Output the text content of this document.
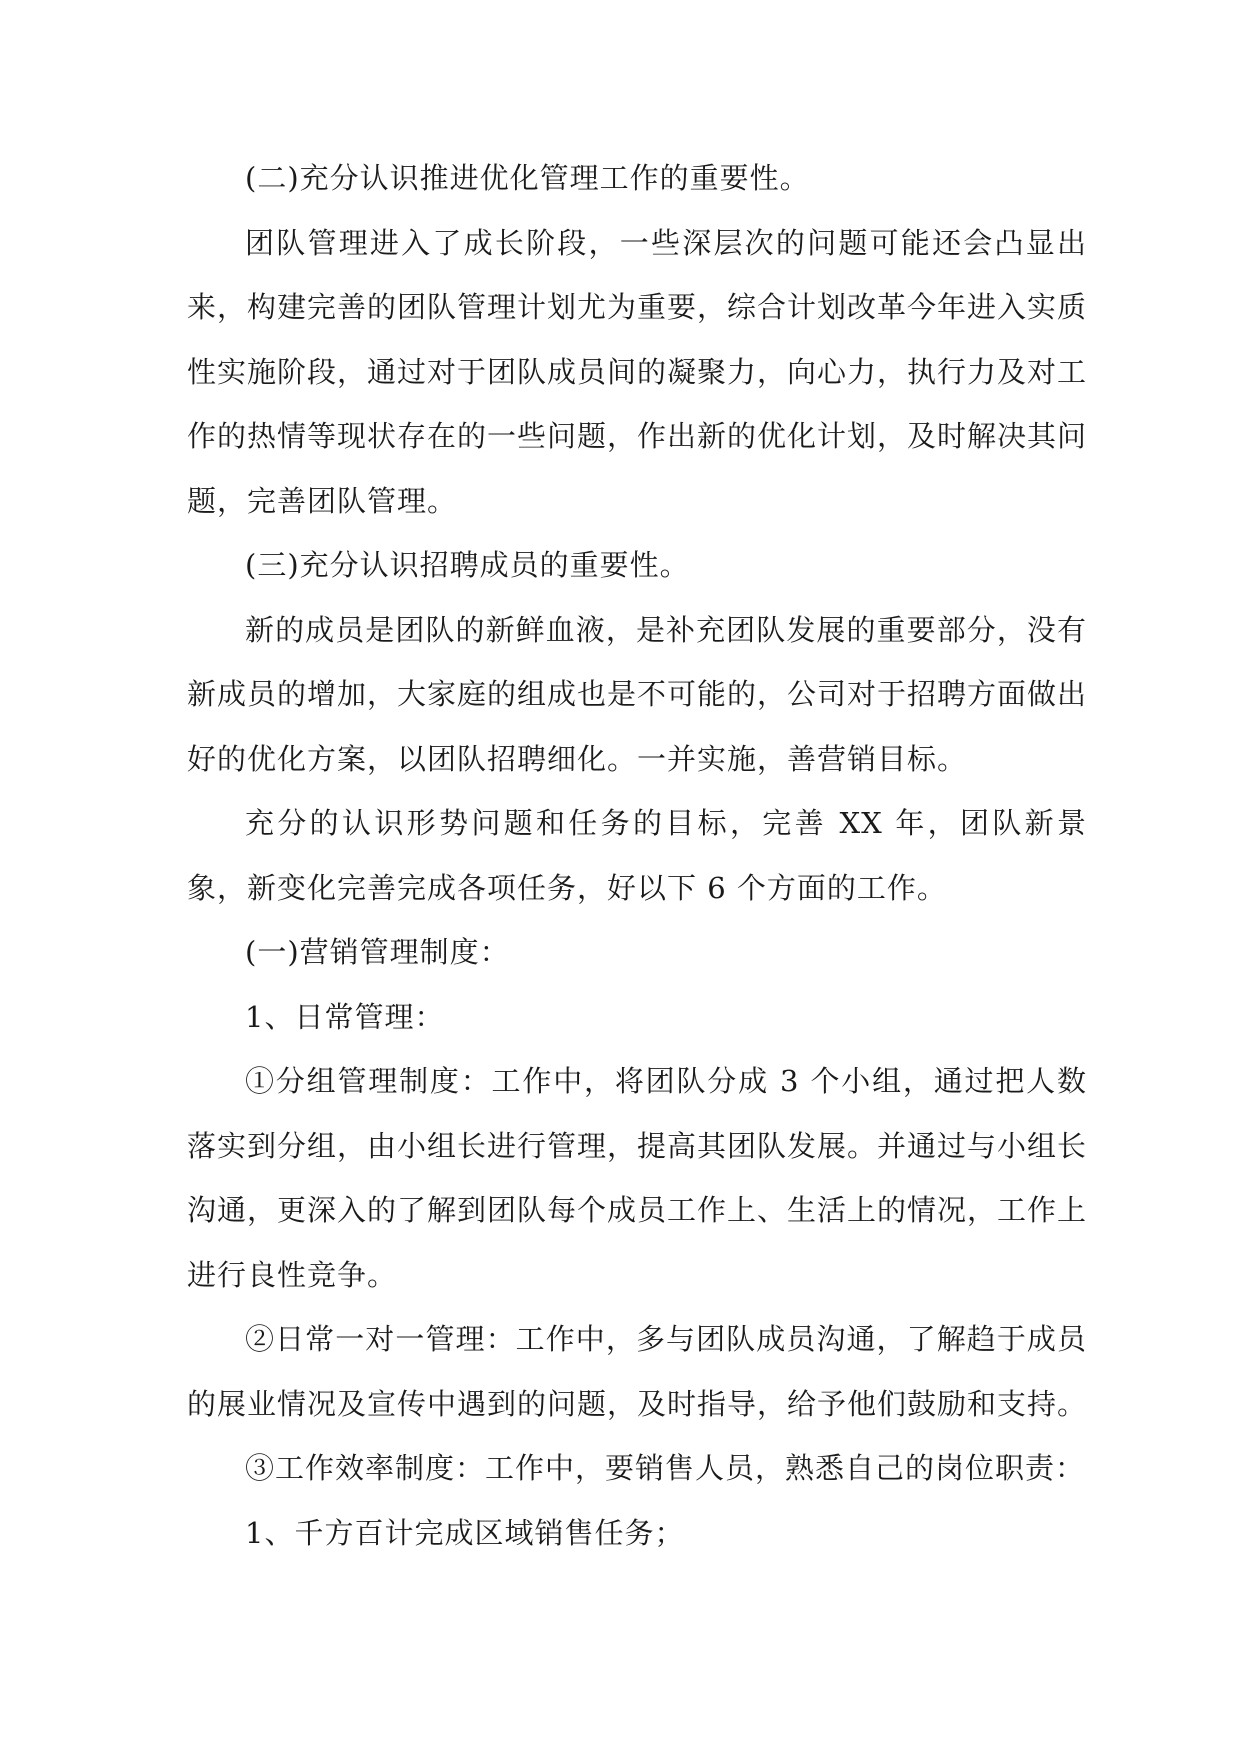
(二)充分认识推进优化管理工作的重要性。

团队管理进入了成长阶段，一些深层次的问题可能还会凸显出来，构建完善的团队管理计划尤为重要，综合计划改革今年进入实质性实施阶段，通过对于团队成员间的凝聚力，向心力，执行力及对工作的热情等现状存在的一些问题，作出新的优化计划，及时解决其问题，完善团队管理。

(三)充分认识招聘成员的重要性。

新的成员是团队的新鲜血液，是补充团队发展的重要部分，没有新成员的增加，大家庭的组成也是不可能的，公司对于招聘方面做出好的优化方案，以团队招聘细化。一并实施，善营销目标。

充分的认识形势问题和任务的目标，完善 XX 年，团队新景象，新变化完善完成各项任务，好以下 6 个方面的工作。

(一)营销管理制度：

1、日常管理：

①分组管理制度：工作中，将团队分成 3 个小组，通过把人数落实到分组，由小组长进行管理，提高其团队发展。并通过与小组长沟通，更深入的了解到团队每个成员工作上、生活上的情况，工作上进行良性竞争。

②日常一对一管理：工作中，多与团队成员沟通，了解趋于成员的展业情况及宣传中遇到的问题，及时指导，给予他们鼓励和支持。

③工作效率制度：工作中，要销售人员，熟悉自己的岗位职责：

1、千方百计完成区域销售任务；
